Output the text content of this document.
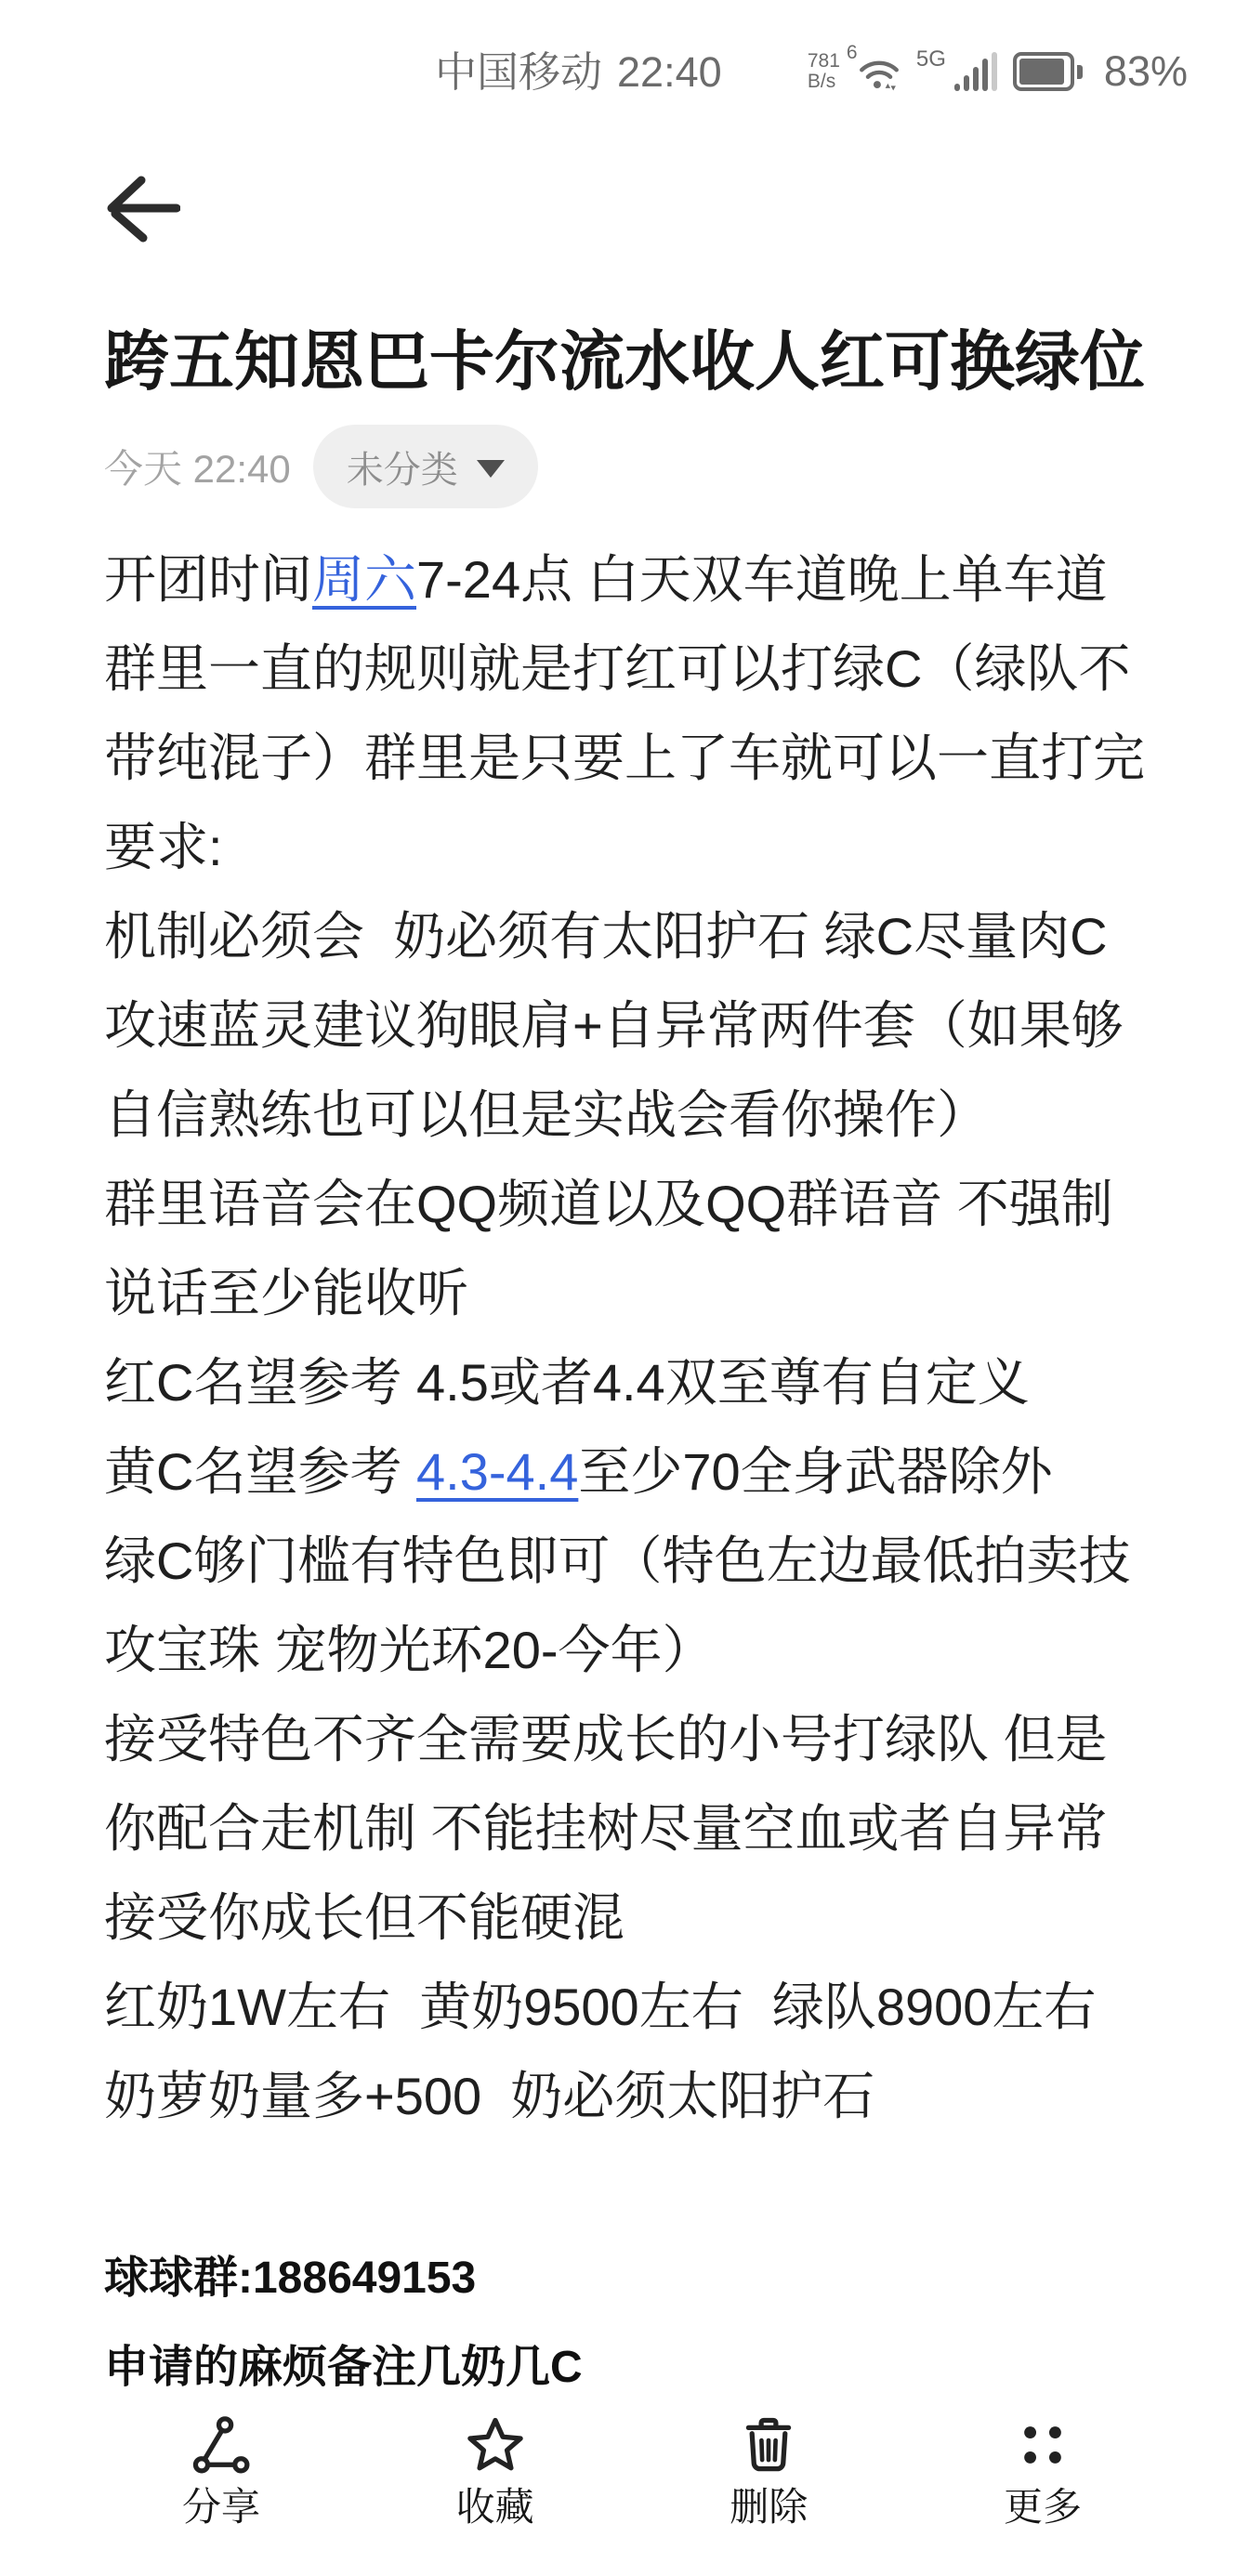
中国移动 22:40	781
B/s
6	5G	83%
跨五知恩巴卡尔流水收人红可换绿位
今天 22:40 未分类
开团时间周六7-24点 白天双车道晚上单车道
群里一直的规则就是打红可以打绿C（绿队不
带纯混子）群里是只要上了车就可以一直打完
要求:
机制必须会  奶必须有太阳护石 绿C尽量肉C
攻速蓝灵建议狗眼肩+自异常两件套（如果够
自信熟练也可以但是实战会看你操作）
群里语音会在QQ频道以及QQ群语音 不强制
说话至少能收听
红C名望参考 4.5或者4.4双至尊有自定义
黄C名望参考 4.3-4.4至少70全身武器除外
绿C够门槛有特色即可（特色左边最低拍卖技
攻宝珠 宠物光环20-今年）
接受特色不齐全需要成长的小号打绿队 但是
你配合走机制 不能挂树尽量空血或者自异常
接受你成长但不能硬混
红奶1W左右  黄奶9500左右  绿队8900左右
奶萝奶量多+500  奶必须太阳护石
球球群:188649153
申请的麻烦备注几奶几C
分享	收藏	删除	更多
